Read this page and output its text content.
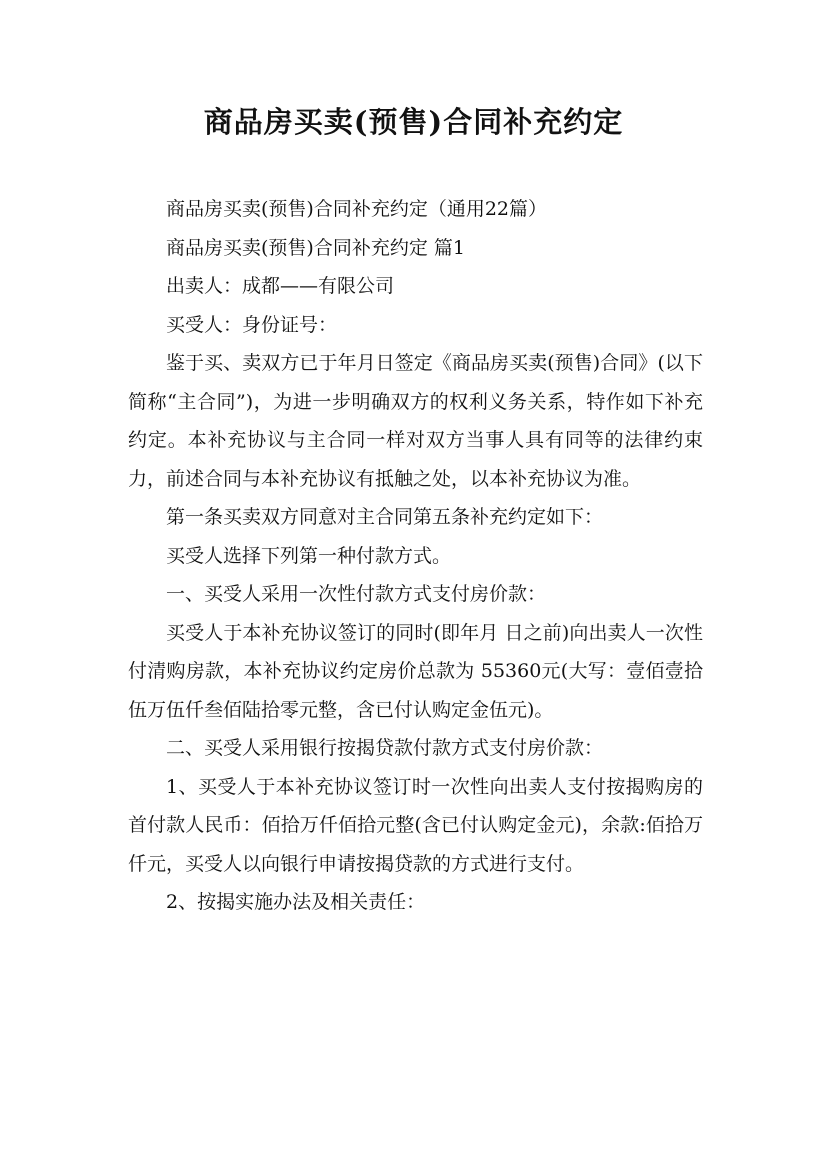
商品房买卖(预售)合同补充约定

商品房买卖(预售)合同补充约定（通用22篇）

商品房买卖(预售)合同补充约定 篇1

出卖人：成都——有限公司

买受人：身份证号：

鉴于买、卖双方已于年月日签定《商品房买卖(预售)合同》(以下简称“主合同”)，为进一步明确双方的权利义务关系，特作如下补充约定。本补充协议与主合同一样对双方当事人具有同等的法律约束力，前述合同与本补充协议有抵触之处，以本补充协议为准。

第一条买卖双方同意对主合同第五条补充约定如下：

买受人选择下列第一种付款方式。

一、买受人采用一次性付款方式支付房价款：

买受人于本补充协议签订的同时(即年月 日之前)向出卖人一次性付清购房款，本补充协议约定房价总款为 55360元(大写：壹佰壹拾伍万伍仟叁佰陆拾零元整，含已付认购定金伍元)。

二、买受人采用银行按揭贷款付款方式支付房价款：

1、买受人于本补充协议签订时一次性向出卖人支付按揭购房的首付款人民币：佰拾万仟佰拾元整(含已付认购定金元)，余款:佰拾万仟元，买受人以向银行申请按揭贷款的方式进行支付。

2、按揭实施办法及相关责任：
